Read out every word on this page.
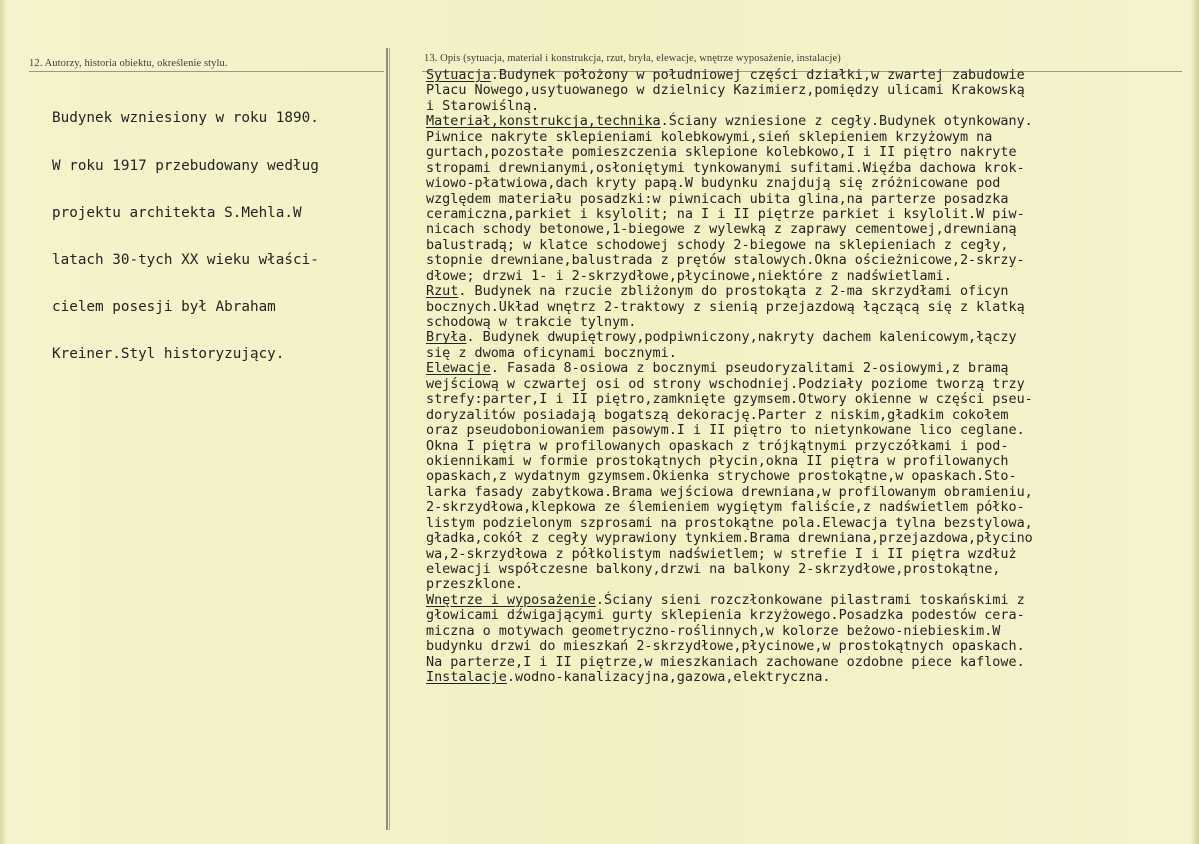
12. Autorzy, historia obiektu, określenie stylu.	13. Opis (sytuacja, materiał i konstrukcja, rzut, bryła, elewacje, wnętrze wyposażenie, instalacje)

Budynek wzniesiony w roku 1890.

W roku 1917 przebudowany według

projektu architekta S.Mehla.W

latach 30-tych XX wieku właści-

cielem posesji był Abraham

Kreiner.Styl historyzujący.

Sytuacja.Budynek położony w południowej części działki,w zwartej zabudowie
Placu Nowego,usytuowanego w dzielnicy Kazimierz,pomiędzy ulicami Krakowską
i Starowiślną.
Materiał,konstrukcja,technika.Ściany wzniesione z cegły.Budynek otynkowany.
Piwnice nakryte sklepieniami kolebkowymi,sień sklepieniem krzyżowym na
gurtach,pozostałe pomieszczenia sklepione kolebkowo,I i II piętro nakryte
stropami drewnianymi,osłoniętymi tynkowanymi sufitami.Więźba dachowa krok-
wiowo-płatwiowa,dach kryty papą.W budynku znajdują się zróżnicowane pod
względem materiału posadzki:w piwnicach ubita glina,na parterze posadzka
ceramiczna,parkiet i ksylolit; na I i II piętrze parkiet i ksylolit.W piw-
nicach schody betonowe,1-biegowe z wylewką z zaprawy cementowej,drewnianą
balustradą; w klatce schodowej schody 2-biegowe na sklepieniach z cegły,
stopnie drewniane,balustrada z prętów stalowych.Okna ościeżnicowe,2-skrzy-
dłowe; drzwi 1- i 2-skrzydłowe,płycinowe,niektóre z nadświetlami.
Rzut. Budynek na rzucie zbliżonym do prostokąta z 2-ma skrzydłami oficyn
bocznych.Układ wnętrz 2-traktowy z sienią przejazdową łączącą się z klatką
schodową w trakcie tylnym.
Bryła. Budynek dwupiętrowy,podpiwniczony,nakryty dachem kalenicowym,łączy
się z dwoma oficynami bocznymi.
Elewacje. Fasada 8-osiowa z bocznymi pseudoryzalitami 2-osiowymi,z bramą
wejściową w czwartej osi od strony wschodniej.Podziały poziome tworzą trzy
strefy:parter,I i II piętro,zamknięte gzymsem.Otwory okienne w części pseu-
doryzalitów posiadają bogatszą dekorację.Parter z niskim,gładkim cokołem
oraz pseudoboniowaniem pasowym.I i II piętro to nietynkowane lico ceglane.
Okna I piętra w profilowanych opaskach z trójkątnymi przyczółkami i pod-
okiennikami w formie prostokątnych płycin,okna II piętra w profilowanych
opaskach,z wydatnym gzymsem.Okienka strychowe prostokątne,w opaskach.Sto-
larka fasady zabytkowa.Brama wejściowa drewniana,w profilowanym obramieniu,
2-skrzydłowa,klepkowa ze ślemieniem wygiętym faliście,z nadświetlem półko-
listym podzielonym szprosami na prostokątne pola.Elewacja tylna bezstylowa,
gładka,cokół z cegły wyprawiony tynkiem.Brama drewniana,przejazdowa,płycino
wa,2-skrzydłowa z półkolistym nadświetlem; w strefie I i II piętra wzdłuż
elewacji współczesne balkony,drzwi na balkony 2-skrzydłowe,prostokątne,
przeszklone.
Wnętrze i wyposażenie.Ściany sieni rozczłonkowane pilastrami toskańskimi z
głowicami dźwigającymi gurty sklepienia krzyżowego.Posadzka podestów cera-
miczna o motywach geometryczno-roślinnych,w kolorze beżowo-niebieskim.W
budynku drzwi do mieszkań 2-skrzydłowe,płycinowe,w prostokątnych opaskach.
Na parterze,I i II piętrze,w mieszkaniach zachowane ozdobne piece kaflowe.
Instalacje.wodno-kanalizacyjna,gazowa,elektryczna.
